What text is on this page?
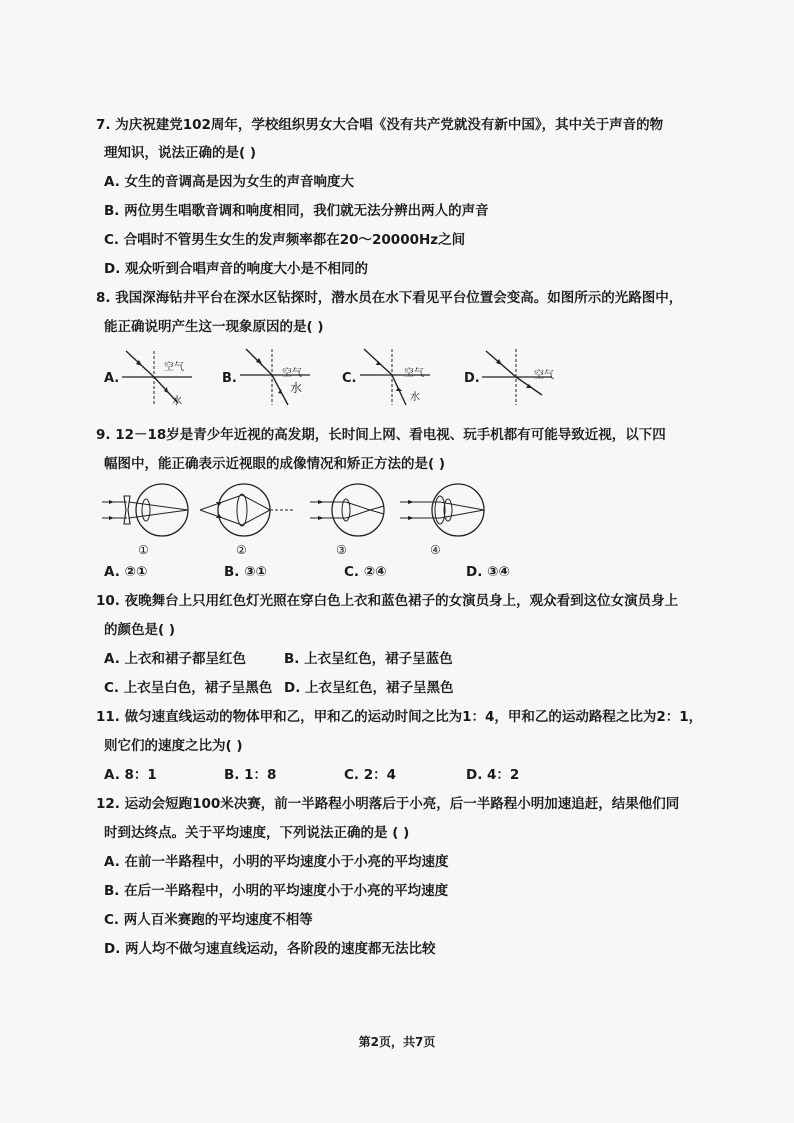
7. 为庆祝建党102周年，学校组织男女大合唱《没有共产党就没有新中国》，其中关于声音的物
理知识，说法正确的是( )
A. 女生的音调高是因为女生的声音响度大
B. 两位男生唱歌音调和响度相同，我们就无法分辨出两人的声音
C. 合唱时不管男生女生的发声频率都在20～20000Hz之间
D. 观众听到合唱声音的响度大小是不相同的
8. 我国深海钻井平台在深水区钻探时，潜水员在水下看见平台位置会变高。如图所示的光路图中，
能正确说明产生这一现象原因的是( )
A.
空气
水
B.	空气
水
C.	空气
水
D.	空气
9. 12－18岁是青少年近视的高发期，长时间上网、看电视、玩手机都有可能导致近视，以下四
幅图中，能正确表示近视眼的成像情况和矫正方法的是( )
①	②	③	④
A. ②①	B. ③①	C. ②④	D. ③④
10. 夜晚舞台上只用红色灯光照在穿白色上衣和蓝色裙子的女演员身上，观众看到这位女演员身上
的颜色是( )
A. 上衣和裙子都呈红色	B. 上衣呈红色，裙子呈蓝色
C. 上衣呈白色，裙子呈黑色 D. 上衣呈红色，裙子呈黑色
11. 做匀速直线运动的物体甲和乙，甲和乙的运动时间之比为1：4，甲和乙的运动路程之比为2：1，
则它们的速度之比为( )
A. 8：1	B. 1：8	C. 2：4	D. 4：2
12. 运动会短跑100米决赛，前一半路程小明落后于小亮，后一半路程小明加速追赶，结果他们同
时到达终点。关于平均速度，下列说法正确的是 ( )
A. 在前一半路程中，小明的平均速度小于小亮的平均速度
B. 在后一半路程中，小明的平均速度小于小亮的平均速度
C. 两人百米赛跑的平均速度不相等
D. 两人均不做匀速直线运动，各阶段的速度都无法比较
第2页，共7页
